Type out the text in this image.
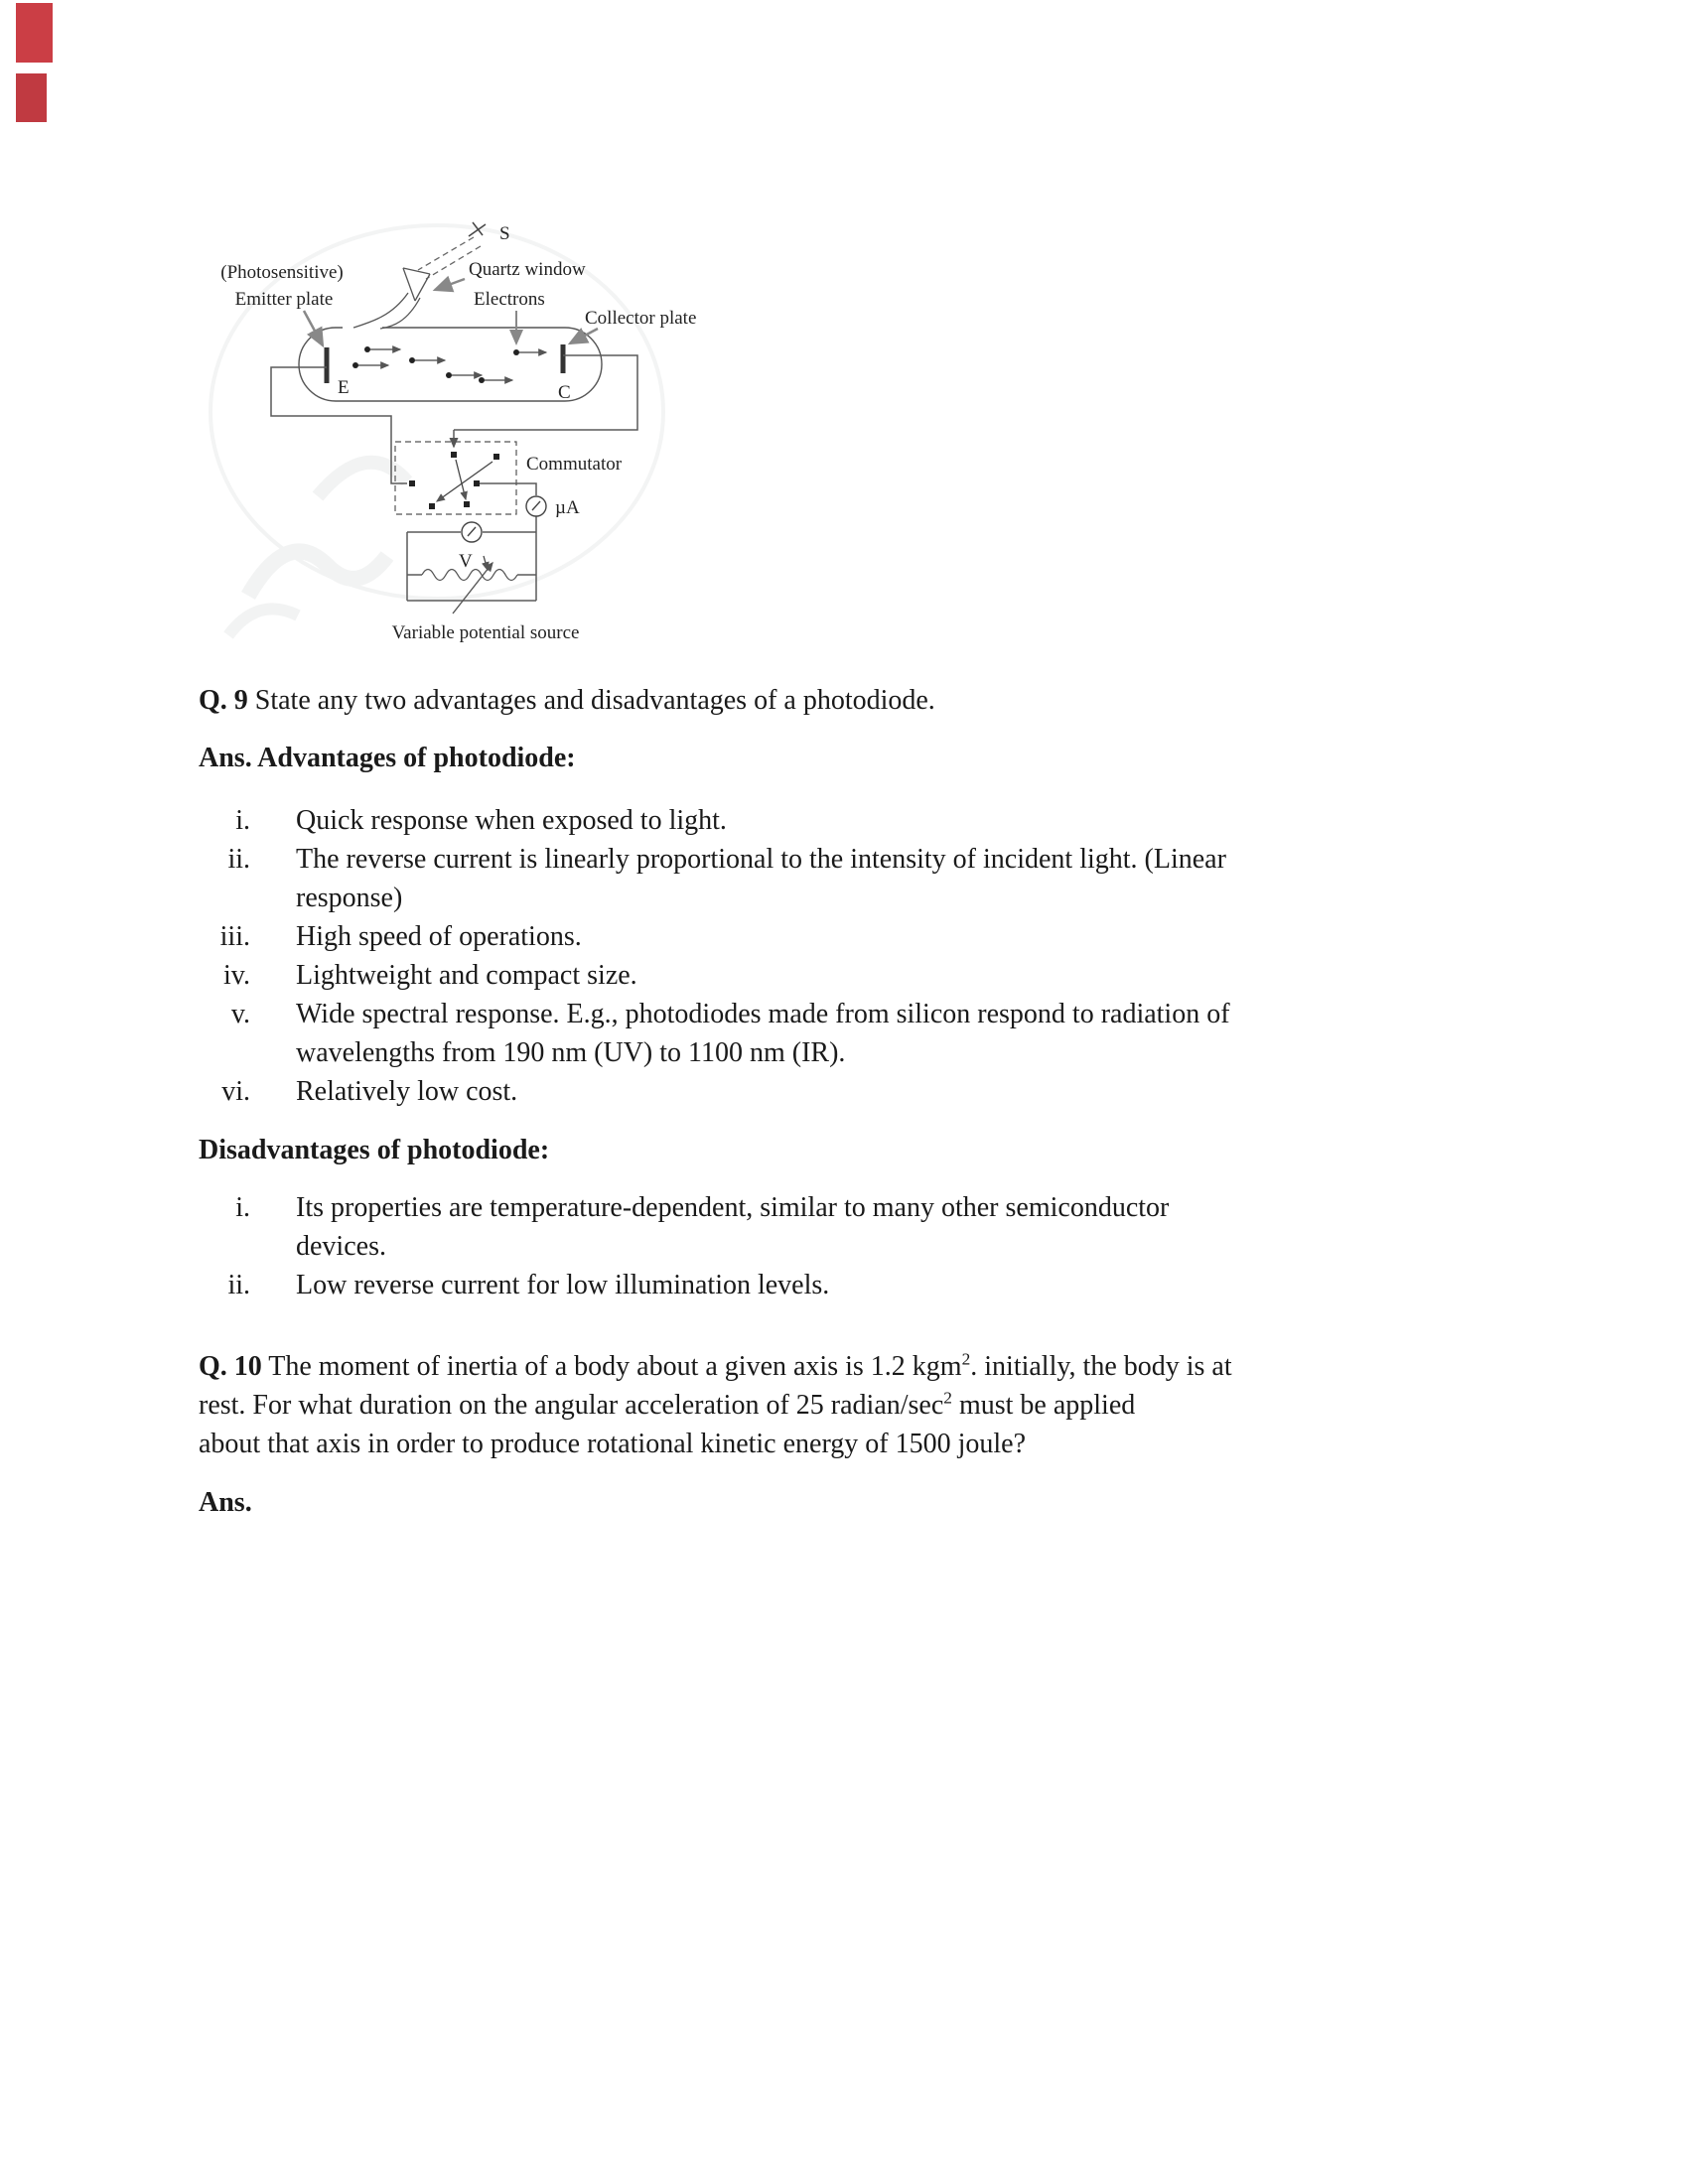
S
Quartz window
(Photosensitive)
Emitter plate	Electrons
Collector plate
E	C
Commutator
µA
V
Variable potential source
Q. 9 State any two advantages and disadvantages of a photodiode.
Ans. Advantages of photodiode:
i. Quick response when exposed to light.
ii. The reverse current is linearly proportional to the intensity of incident light. (Linear
response)
iii. High speed of operations.
iv. Lightweight and compact size.
v. Wide spectral response. E.g., photodiodes made from silicon respond to radiation of
wavelengths from 190 nm (UV) to 1100 nm (IR).
vi. Relatively low cost.
Disadvantages of photodiode:
i. Its properties are temperature-dependent, similar to many other semiconductor
devices.
ii. Low reverse current for low illumination levels.
Q. 10 The moment of inertia of a body about a given axis is 1.2 kgm$^2$. initially, the body is at
rest. For what duration on the angular acceleration of 25 radian/$\sec^2$ must be applied
about that axis in order to produce rotational kinetic energy of 1500 joule?
Ans.
